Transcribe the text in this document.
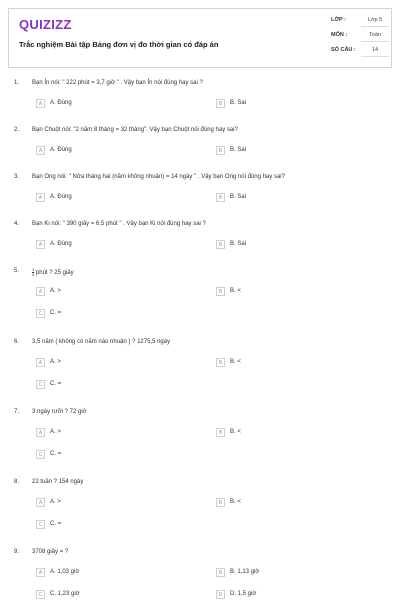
QUIZIZZ
Trắc nghiệm Bài tập Bảng đơn vị đo thời gian có đáp án
LỚP :	Lớp 5
MÔN :	Toán
SỐ CÂU :	14
1. Bạn Ỉn nói: " 222 phút = 3,7 giờ " . Vậy bạn Ỉn nói đúng hay sai ?
A	A. Đúng	B	B. Sai
2. Bạn Chuột nói: "2 năm 8 tháng = 32 tháng". Vậy bạn Chuột nói đúng hay sai?
A	A. Đúng	B	B. Sai
3. Bạn Ong nói: " Nửa tháng hai (năm không nhuận) = 14 ngày " . Vậy bạn Ong nói đúng hay sai?
A	A. Đúng	B	B. Sai
4. Bạn Ki nói: " 390 giây = 6,5 phút " . Vậy bạn Ki nói đúng hay sai ?
A	A. Đúng	B	B. Sai
5.	$\frac{1}{4}$ phút ? 25 giây
A	A. >	B	B. <
C	C. =
6. 3,5 năm ( không có năm nào nhuận ) ? 1275,5 ngày
A	A. >	B	B. <
C	C. =
7. 3 ngày rưỡi ? 72 giờ
A	A. >	B	B. <
C	C. =
8. 22 tuần ? 154 ngày
A	A. >	B	B. <
C	C. =
9. 3708 giây = ?
A	A. 1,03 giờ	B	B. 1,13 giờ
C	C. 1,23 giờ	D	D. 1,5 giờ
